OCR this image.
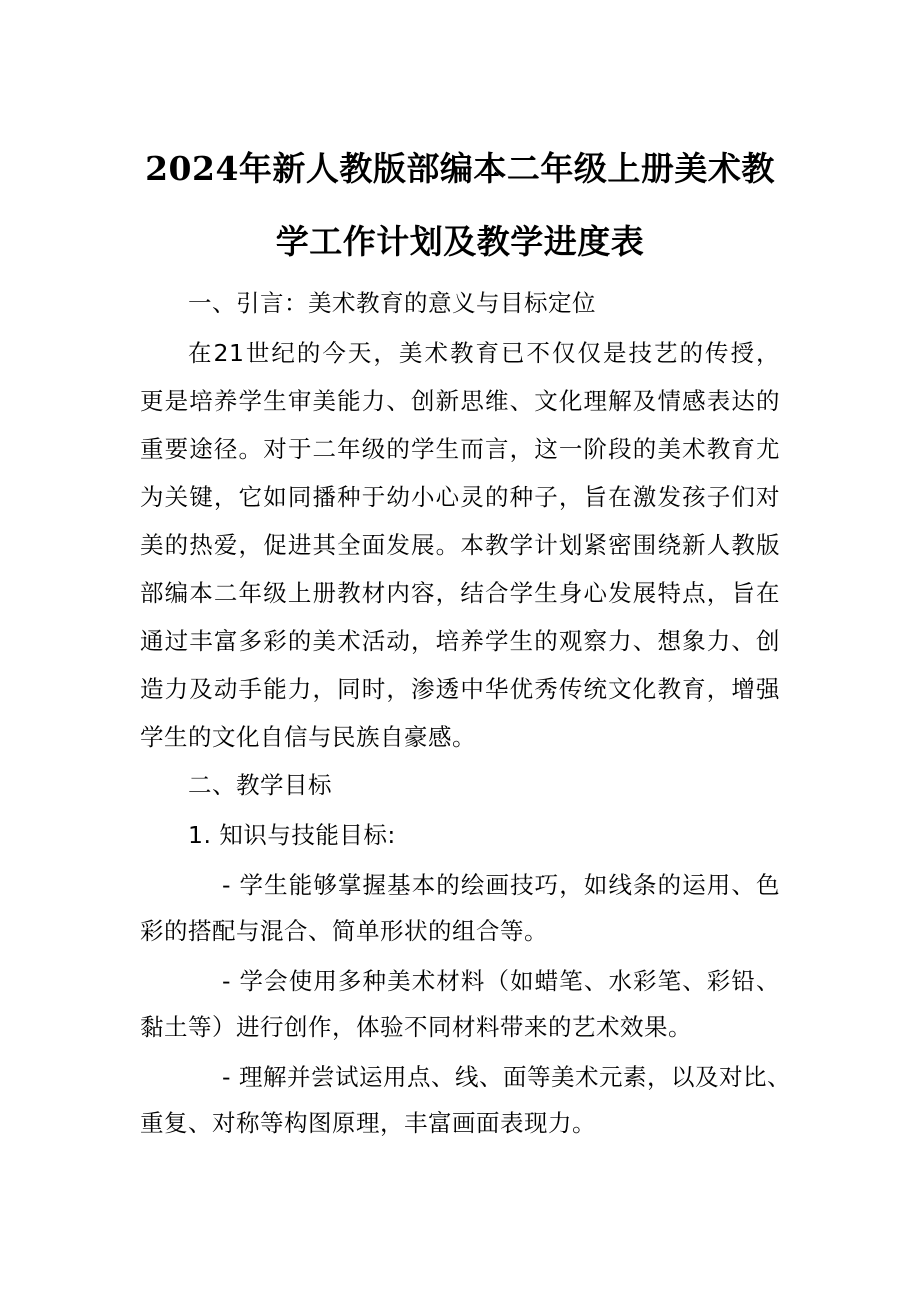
2024年新人教版部编本二年级上册美术教
学工作计划及教学进度表
一、引言：美术教育的意义与目标定位
在21世纪的今天，美术教育已不仅仅是技艺的传授，
更是培养学生审美能力、创新思维、文化理解及情感表达的
重要途径。对于二年级的学生而言，这一阶段的美术教育尤
为关键，它如同播种于幼小心灵的种子，旨在激发孩子们对
美的热爱，促进其全面发展。本教学计划紧密围绕新人教版
部编本二年级上册教材内容，结合学生身心发展特点，旨在
通过丰富多彩的美术活动，培养学生的观察力、想象力、创
造力及动手能力，同时，渗透中华优秀传统文化教育，增强
学生的文化自信与民族自豪感。
二、教学目标
1. 知识与技能目标:
- 学生能够掌握基本的绘画技巧，如线条的运用、色
彩的搭配与混合、简单形状的组合等。
- 学会使用多种美术材料（如蜡笔、水彩笔、彩铅、
黏土等）进行创作，体验不同材料带来的艺术效果。
- 理解并尝试运用点、线、面等美术元素，以及对比、
重复、对称等构图原理，丰富画面表现力。
